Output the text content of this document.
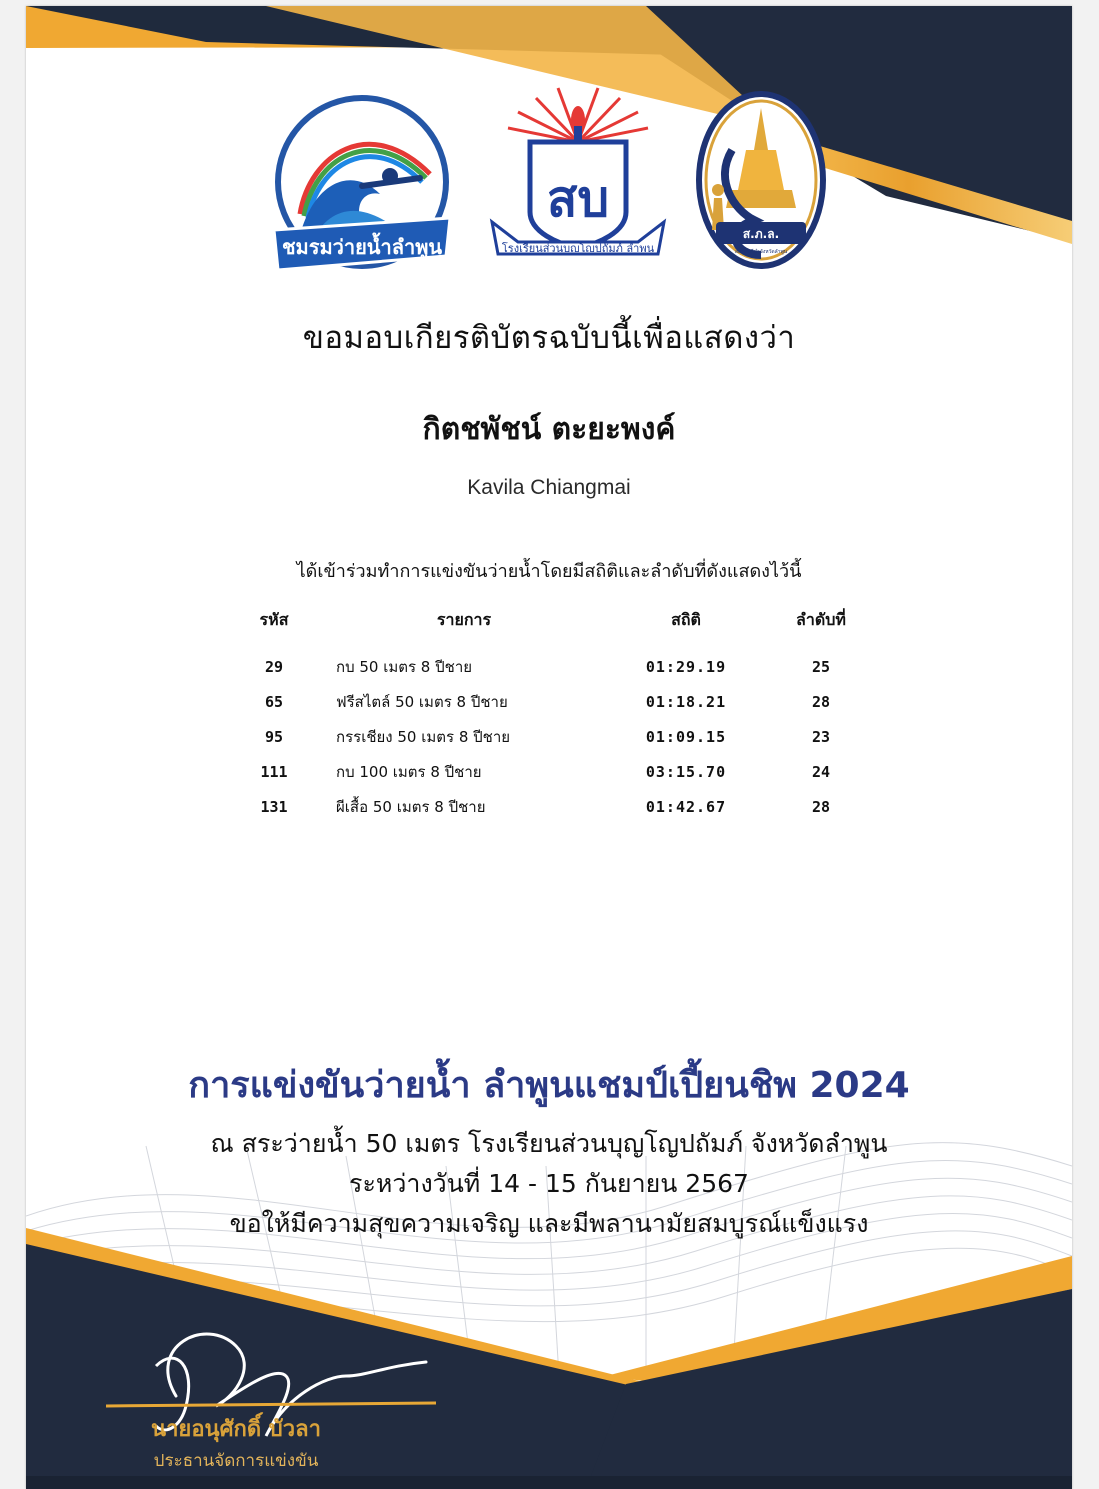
ชมรมว่ายน้ำลำพูน
สบ
โรงเรียนส่วนบุญโญปถัมภ์ ลำพูน
ส.ภ.ล.
สมาคมกีฬาจังหวัดลำพูน
ขอมอบเกียรติบัตรฉบับนี้เพื่อแสดงว่า
กิตชพัชน์ ตะยะพงค์
Kavila Chiangmai
ได้เข้าร่วมทำการแข่งขันว่ายน้ำโดยมีสถิติและลำดับที่ดังแสดงไว้นี้
รหัส	รายการ	สถิติ	ลำดับที่
29	กบ 50 เมตร 8 ปีชาย	01:29.19	25
65	ฟรีสไตล์ 50 เมตร 8 ปีชาย	01:18.21	28
95	กรรเชียง 50 เมตร 8 ปีชาย	01:09.15	23
111	กบ 100 เมตร 8 ปีชาย	03:15.70	24
131	ผีเสื้อ 50 เมตร 8 ปีชาย	01:42.67	28
การแข่งขันว่ายน้ำ ลำพูนแชมป์เปี้ยนชิพ 2024
ณ สระว่ายน้ำ 50 เมตร โรงเรียนส่วนบุญโญปถัมภ์ จังหวัดลำพูน
ระหว่างวันที่ 14 - 15 กันยายน 2567
ขอให้มีความสุขความเจริญ และมีพลานามัยสมบูรณ์แข็งแรง
นายอนุศักดิ์ บัวลา
ประธานจัดการแข่งขัน
